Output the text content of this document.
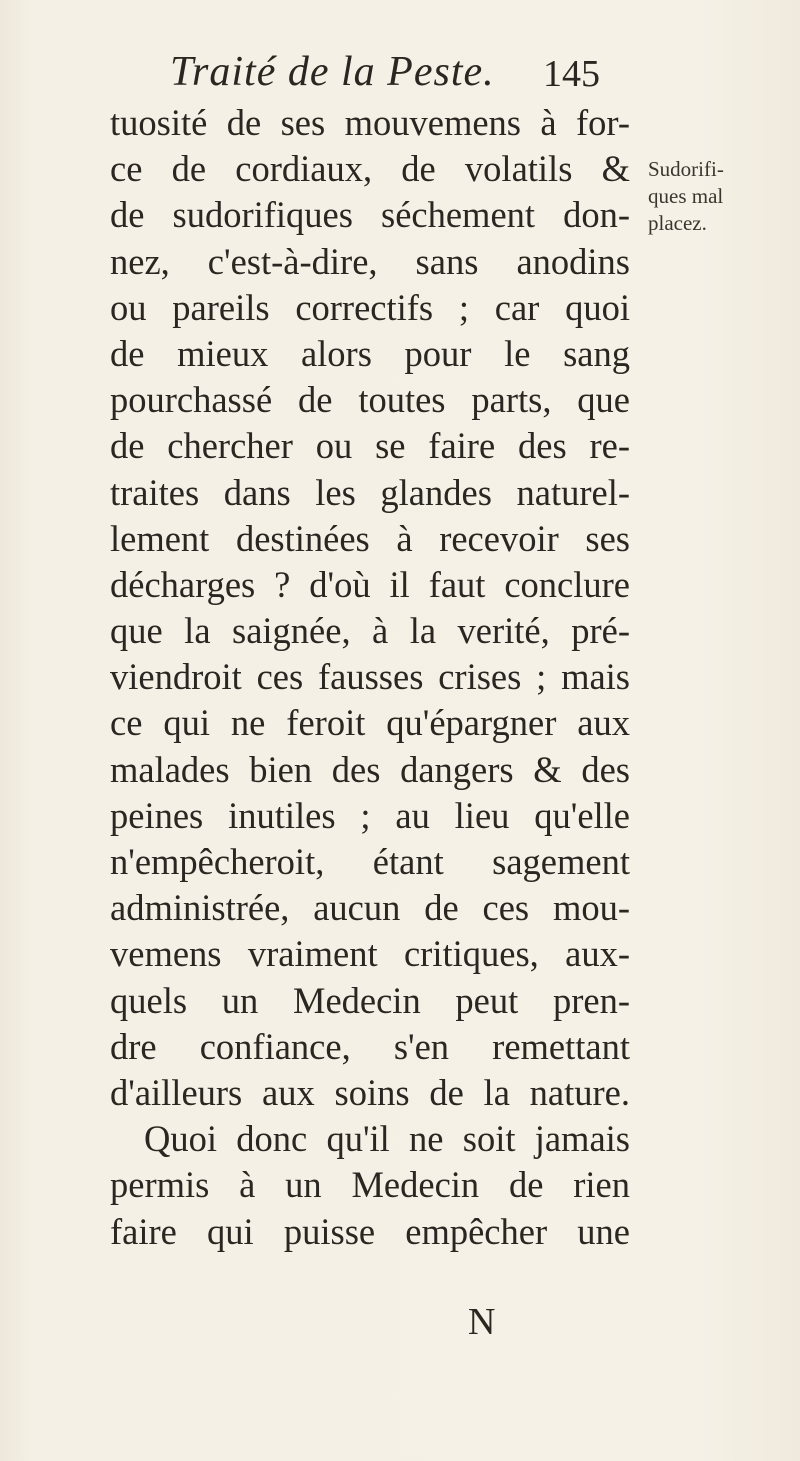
Traité de la Peste. 145
tuosité de ses mouvemens à for-
ce de cordiaux, de volatils &
de sudorifiques séchement don-
nez, c'est-à-dire, sans anodins
ou pareils correctifs ; car quoi
de mieux alors pour le sang
pourchassé de toutes parts, que
de chercher ou se faire des re-
traites dans les glandes naturel-
lement destinées à recevoir ses
décharges ? d'où il faut conclure
que la saignée, à la verité, pré-
viendroit ces fausses crises ; mais
ce qui ne feroit qu'épargner aux
malades bien des dangers & des
peines inutiles ; au lieu qu'elle
n'empêcheroit, étant sagement
administrée, aucun de ces mou-
vemens vraiment critiques, aux-
quels un Medecin peut pren-
dre confiance, s'en remettant
d'ailleurs aux soins de la nature.
Quoi donc qu'il ne soit jamais
permis à un Medecin de rien
faire qui puisse empêcher une
N
Sudorifi-
ques mal
placez.
